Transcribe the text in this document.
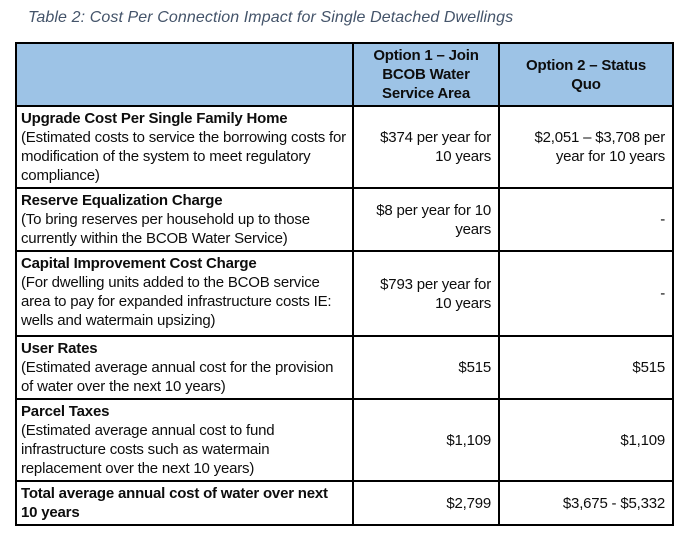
Table 2: Cost Per Connection Impact for Single Detached Dwellings
	Option 1 – Join BCOB Water Service Area	Option 2 – Status Quo

Upgrade Cost Per Single Family Home
(Estimated costs to service the borrowing costs for modification of the system to meet regulatory compliance)	$374 per year for 10 years	$2,051 – $3,708 per year for 10 years

Reserve Equalization Charge
(To bring reserves per household up to those currently within the BCOB Water Service)	$8 per year for 10 years	-

Capital Improvement Cost Charge
(For dwelling units added to the BCOB service area to pay for expanded infrastructure costs IE: wells and watermain upsizing)	$793 per year for 10 years	-

User Rates
(Estimated average annual cost for the provision of water over the next 10 years)	$515	$515

Parcel Taxes
(Estimated average annual cost to fund infrastructure costs such as watermain replacement over the next 10 years)	$1,109	$1,109
Total average annual cost of water over next 10 years	$2,799	$3,675 - $5,332
